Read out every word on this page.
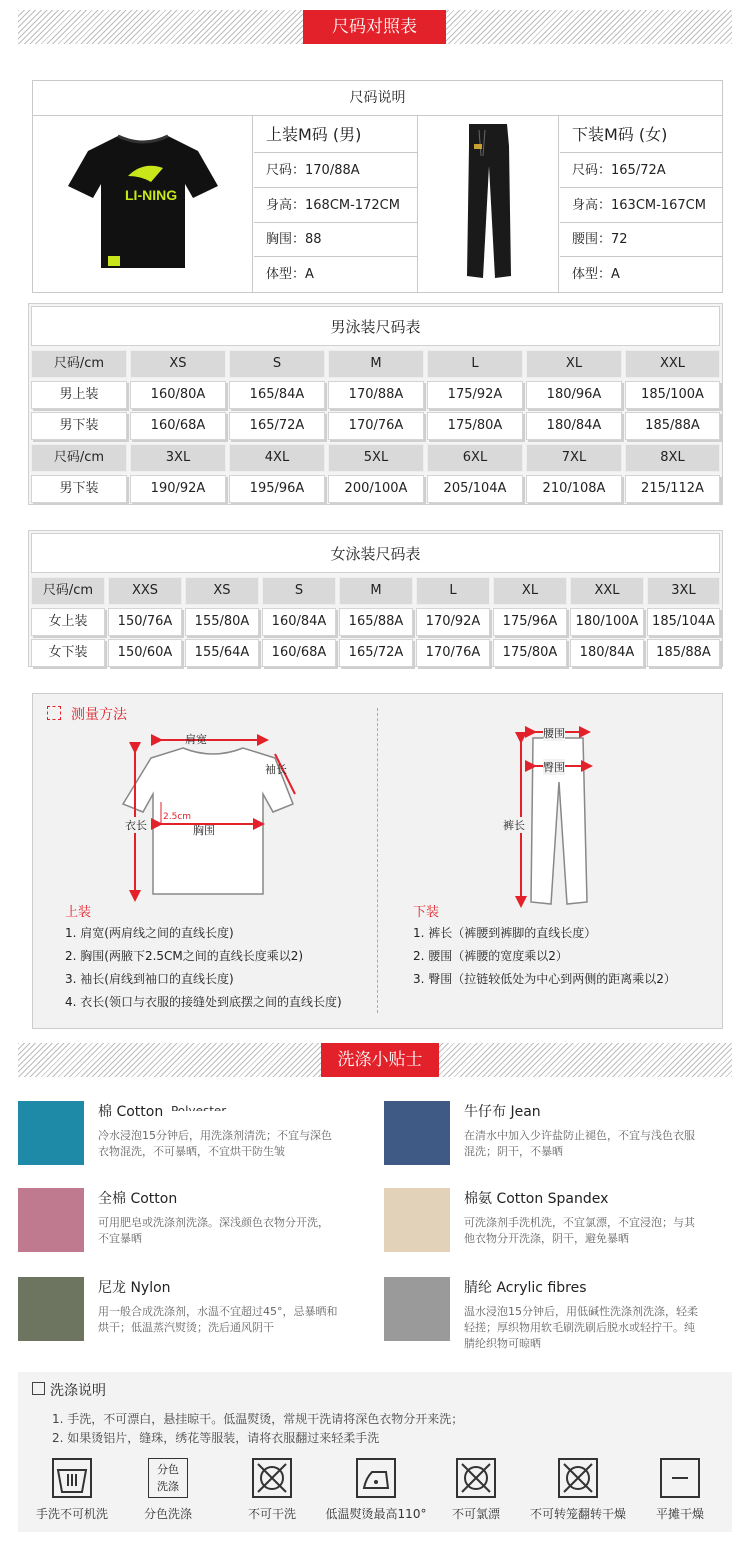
尺码对照表
尺码说明
LI-NING
上装M码 (男)
尺码：170/88A
身高：168CM-172CM
胸围：88
体型：A
下装M码 (女)
尺码：165/72A
身高：163CM-167CM
腰围：72
体型：A
男泳装尺码表
尺码/cm	XS	S	M	L	XL	XXL
男上装	160/80A	165/84A	170/88A	175/92A	180/96A	185/100A
男下装	160/68A	165/72A	170/76A	175/80A	180/84A	185/88A
尺码/cm	3XL	4XL	5XL	6XL	7XL	8XL
男下装	190/92A	195/96A	200/100A	205/104A	210/108A	215/112A
女泳装尺码表
尺码/cm	XXS	XS	S	M	L	XL	XXL	3XL
女上装	150/76A	155/80A	160/84A	165/88A	170/92A	175/96A	180/100A	185/104A
女下装	150/60A	155/64A	160/68A	165/72A	170/76A	175/80A	180/84A	185/88A
测量方法
肩宽
袖长
衣长
2.5cm
胸围
上装
1. 肩宽(两肩线之间的直线长度)
2. 胸围(两腋下2.5CM之间的直线长度乘以2)
3. 袖长(肩线到袖口的直线长度)
4. 衣长(领口与衣服的接缝处到底摆之间的直线长度)
腰围
臀围
裤长
下装
1. 裤长（裤腰到裤脚的直线长度）
2. 腰围（裤腰的宽度乘以2）
3. 臀围（拉链较低处为中心到两侧的距离乘以2）
洗涤小贴士
棉 Cotton Polyester
冷水浸泡15分钟后，用洗涤剂清洗；不宜与深色
衣物混洗，不可暴晒，不宜烘干防生皱
牛仔布 Jean
在清水中加入少许盐防止褪色，不宜与浅色衣服
混洗；阴干，不暴晒
全棉 Cotton
可用肥皂或洗涤剂洗涤。深浅颜色衣物分开洗，
不宜暴晒
棉氨 Cotton Spandex
可洗涤剂手洗机洗，不宜氯漂，不宜浸泡；与其
他衣物分开洗涤，阴干，避免暴晒
尼龙 Nylon
用一般合成洗涤剂，水温不宜超过45°，忌暴晒和
烘干；低温蒸汽熨烫；洗后通风阴干
腈纶 Acrylic fibres
温水浸泡15分钟后，用低碱性洗涤剂洗涤，轻柔
轻搓；厚织物用软毛刷洗刷后脱水或轻拧干。纯
腈纶织物可晾晒
洗涤说明
1. 手洗，不可漂白，悬挂晾干。低温熨烫，常规干洗请将深色衣物分开来洗；
2. 如果烫铝片，缝珠，绣花等服装，请将衣服翻过来轻柔手洗
手洗不可机洗
分色
洗涤
分色洗涤	不可干洗	低温熨烫最高110°	不可氯漂	不可转笼翻转干燥	平摊干燥
